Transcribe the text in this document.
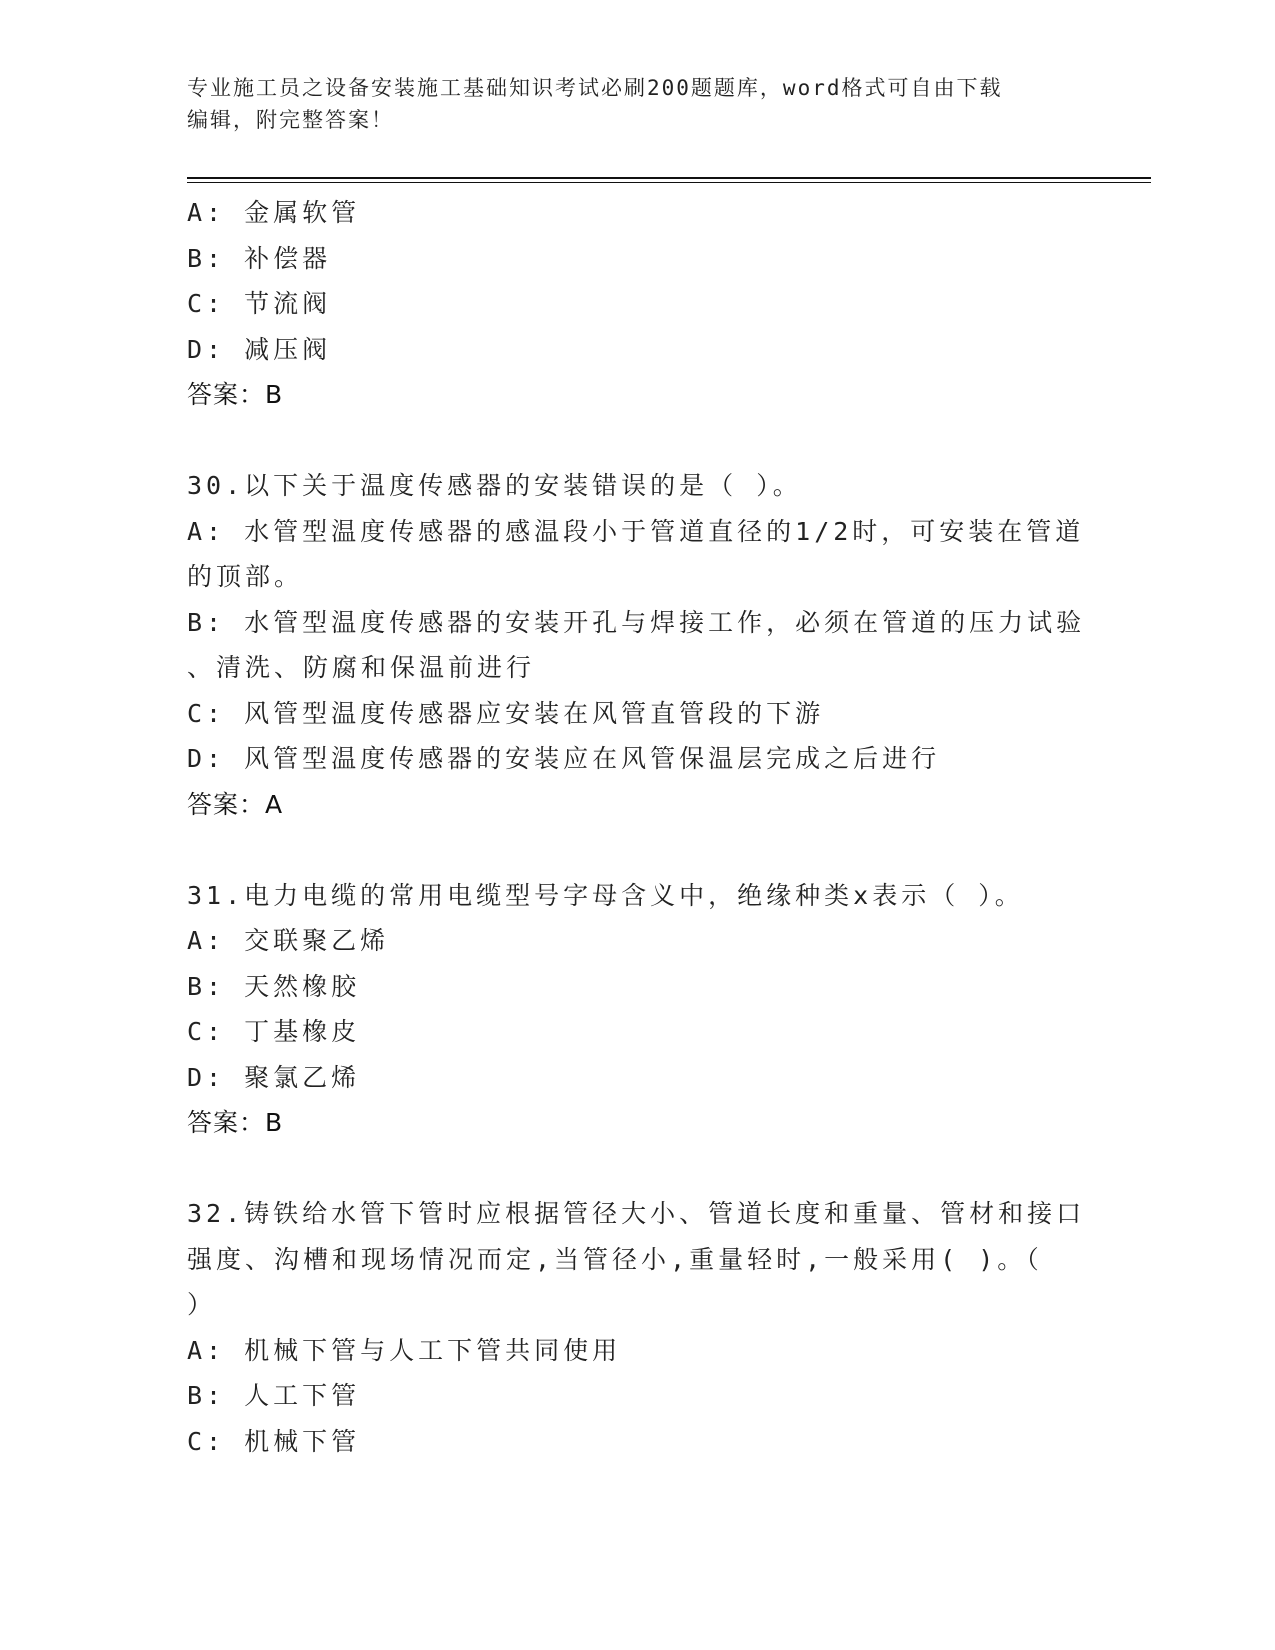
专业施工员之设备安装施工基础知识考试必刷200题题库，word格式可自由下载
编辑，附完整答案！
A: 金属软管
B: 补偿器
C: 节流阀
D: 减压阀
答案：B
30.以下关于温度传感器的安装错误的是（ ）。
A: 水管型温度传感器的感温段小于管道直径的1/2时，可安装在管道
的顶部。
B: 水管型温度传感器的安装开孔与焊接工作，必须在管道的压力试验
、清洗、防腐和保温前进行
C: 风管型温度传感器应安装在风管直管段的下游
D: 风管型温度传感器的安装应在风管保温层完成之后进行
答案：A
31.电力电缆的常用电缆型号字母含义中，绝缘种类x表示（ ）。
A: 交联聚乙烯
B: 天然橡胶
C: 丁基橡皮
D: 聚氯乙烯
答案：B
32.铸铁给水管下管时应根据管径大小、管道长度和重量、管材和接口
强度、沟槽和现场情况而定,当管径小,重量轻时,一般采用( )。（
）
A: 机械下管与人工下管共同使用
B: 人工下管
C: 机械下管
